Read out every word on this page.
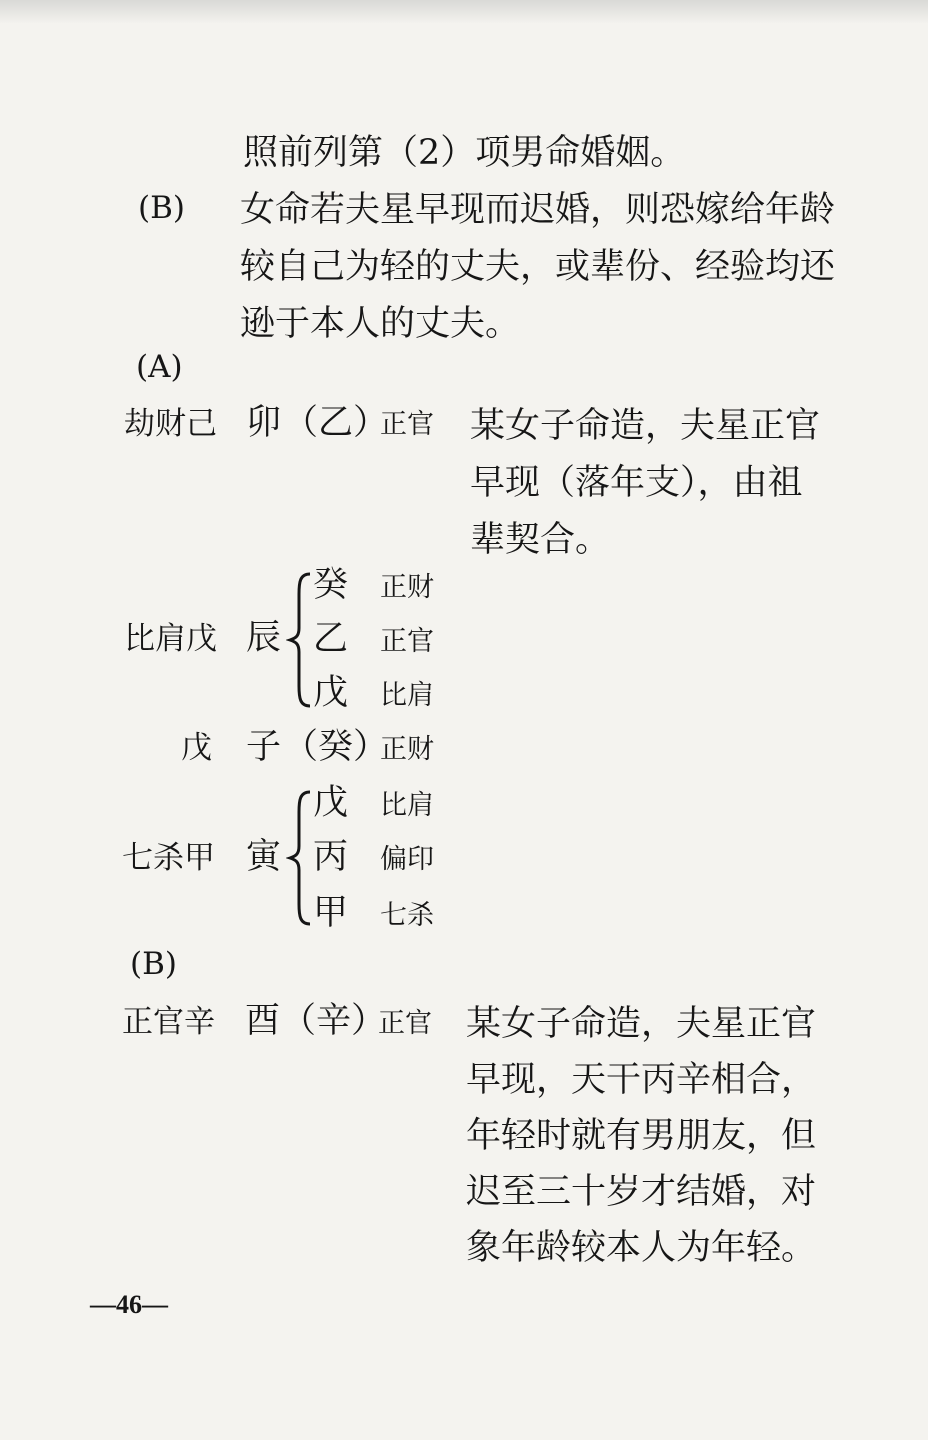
照前列第（2）项男命婚姻。
(B) 女命若夫星早现而迟婚，则恐嫁给年龄
较自己为轻的丈夫，或辈份、经验均还
逊于本人的丈夫。
(A)
劫财己 卯 （乙）
正官 某女子命造，夫星正官
早现（落年支），由祖
辈契合。
比肩戊 辰
癸 正财
乙 正官
戊 比肩
戊 子 （癸）
正财
七杀甲 寅
戊 比肩
丙 偏印
甲 七杀
(B)
正官辛 酉 （辛）
正官 某女子命造，夫星正官
早现，天干丙辛相合，
年轻时就有男朋友，但
迟至三十岁才结婚，对
象年龄较本人为年轻。
—46—
